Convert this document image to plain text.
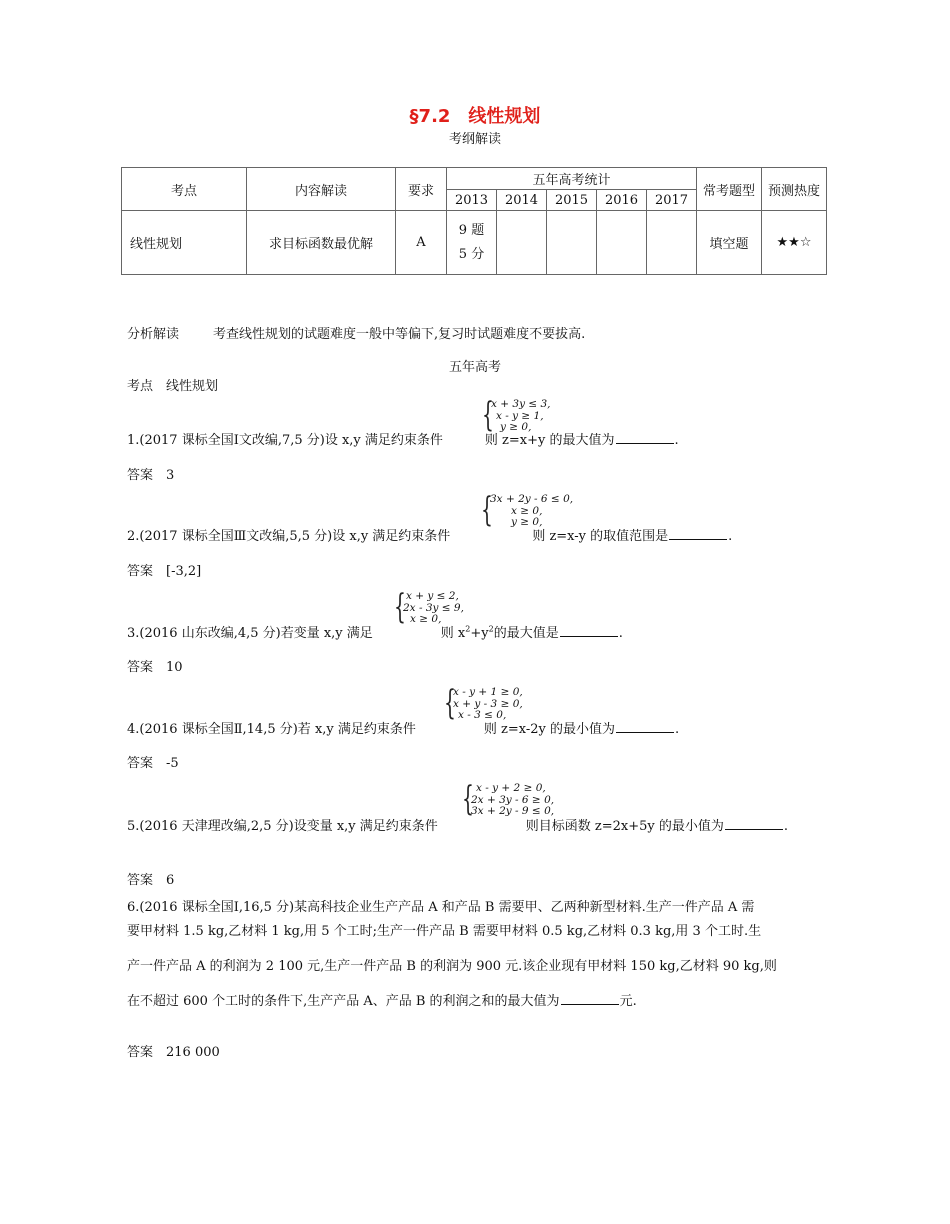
§7.2　线性规划
考纲解读
考点	内容解读	要求	五年高考统计					常考题型	预测热度
			2013	2014	2015	2016	2017		
线性规划	求目标函数最优解	A	9 题
5 分					填空题	★★☆
分析解读	考查线性规划的试题难度一般中等偏下,复习时试题难度不要拔高.
五年高考
考点　线性规划
{
x + 3y ≤ 3,
x - y ≥ 1,
y ≥ 0,
1.(2017 课标全国Ⅰ文改编,7,5 分)设 x,y 满足约束条件	则 z=x+y 的最大值为	.
答案　3
{
3x + 2y - 6 ≤ 0,
x ≥ 0,
y ≥ 0,
2.(2017 课标全国Ⅲ文改编,5,5 分)设 x,y 满足约束条件	则 z=x-y 的取值范围是	.
答案　[-3,2]
{ x + y ≤ 2,
2x - 3y ≤ 9,
x ≥ 0,
3.(2016 山东改编,4,5 分)若变量 x,y 满足	则 $x^2+y^2$的最大值是	.
答案　10
{
x - y + 1 ≥ 0,
x + y - 3 ≥ 0,
x - 3 ≤ 0,
4.(2016 课标全国Ⅱ,14,5 分)若 x,y 满足约束条件	则 z=x-2y 的最小值为	.
答案　-5
{ x - y + 2 ≥ 0,
2x + 3y - 6 ≥ 0,
3x + 2y - 9 ≤ 0,
5.(2016 天津理改编,2,5 分)设变量 x,y 满足约束条件	则目标函数 z=2x+5y 的最小值为	.
答案　6
6.(2016 课标全国Ⅰ,16,5 分)某高科技企业生产产品 A 和产品 B 需要甲、乙两种新型材料.生产一件产品 A 需
要甲材料 1.5 kg,乙材料 1 kg,用 5 个工时;生产一件产品 B 需要甲材料 0.5 kg,乙材料 0.3 kg,用 3 个工时.生
产一件产品 A 的利润为 2 100 元,生产一件产品 B 的利润为 900 元.该企业现有甲材料 150 kg,乙材料 90 kg,则
在不超过 600 个工时的条件下,生产产品 A、产品 B 的利润之和的最大值为	元.
答案　216 000
